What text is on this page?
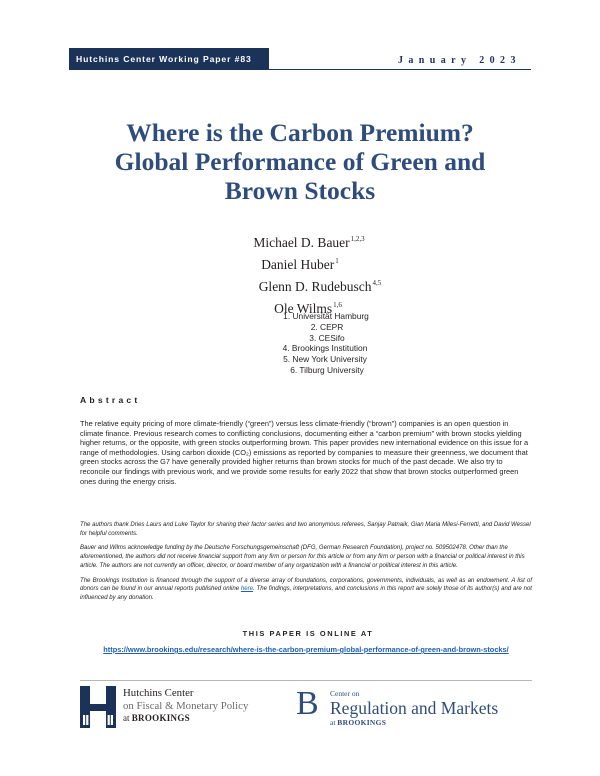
Hutchins Center Working Paper #83	January 2023
Where is the Carbon Premium?
Global Performance of Green and
Brown Stocks
Michael D. Bauer$^{1,2,3}$
Daniel Huber$^1$
Glenn D. Rudebusch$^{4,5}$
Ole Wilms$^{1,6}$
1. Universität Hamburg
2. CEPR
3. CESifo
4. Brookings Institution
5. New York University
6. Tilburg University
Abstract

The relative equity pricing of more climate-friendly (“green”) versus less climate-friendly (“brown”) companies is an open question in climate finance. Previous research comes to conflicting conclusions, documenting either a “carbon premium” with brown stocks yielding higher returns, or the opposite, with green stocks outperforming brown. This paper provides new international evidence on this issue for a range of methodologies. Using carbon dioxide (CO₂) emissions as reported by companies to measure their greenness, we document that green stocks across the G7 have generally provided higher returns than brown stocks for much of the past decade. We also try to reconcile our findings with previous work, and we provide some results for early 2022 that show that brown stocks outperformed green ones during the energy crisis.

The authors thank Dries Laurs and Luke Taylor for sharing their factor series and two anonymous referees, Sanjay Patnaik, Gian Maria Milesi-Ferretti, and David Wessel for helpful comments.

Bauer and Wilms acknowledge funding by the Deutsche Forschungsgemeinschaft (DFG, German Research Foundation), project no. 509502478. Other than the aforementioned, the authors did not receive financial support from any firm or person for this article or from any firm or person with a financial or political interest in this article. The authors are not currently an officer, director, or board member of any organization with a financial or political interest in this article.

The Brookings Institution is financed through the support of a diverse array of foundations, corporations, governments, individuals, as well as an endowment. A list of donors can be found in our annual reports published online here. The findings, interpretations, and conclusions in this report are solely those of its author(s) and are not influenced by any donation.

THIS PAPER IS ONLINE AT
https://www.brookings.edu/research/where-is-the-carbon-premium-global-performance-of-green-and-brown-stocks/
Hutchins Center
on Fiscal & Monetary Policy
at BROOKINGS	B Center on
Regulation and Markets
at BROOKINGS
